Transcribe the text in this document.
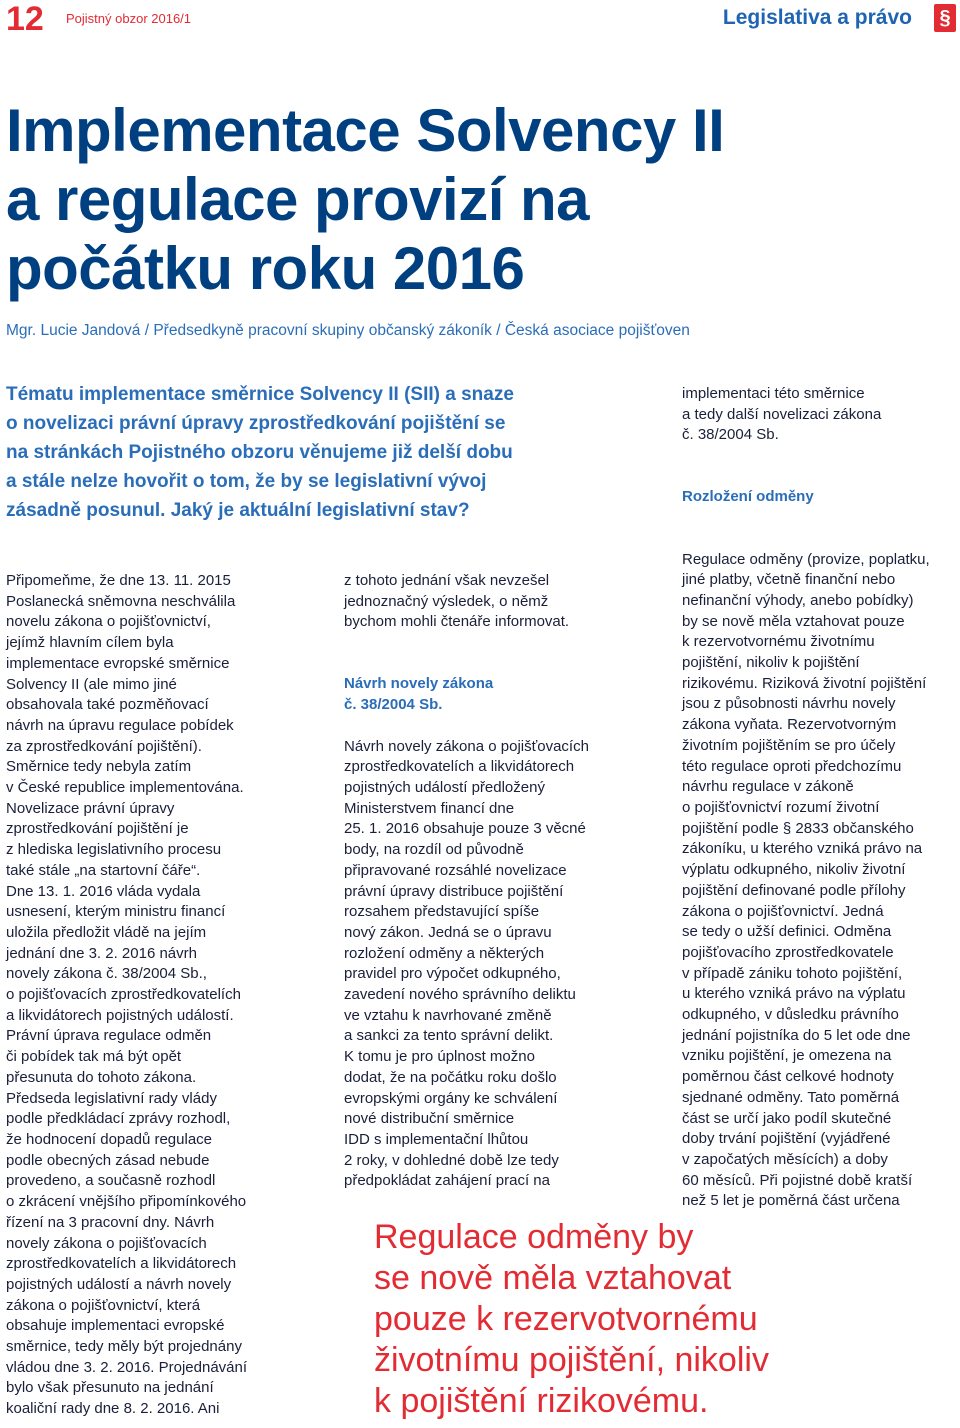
12 Pojistný obzor 2016/1	Legislativa a právo §
Implementace Solvency II
a regulace provizí na
počátku roku 2016
Mgr. Lucie Jandová / Předsedkyně pracovní skupiny občanský zákoník / Česká asociace pojišťoven
Tématu implementace směrnice Solvency II (SII) a snaze
o novelizaci právní úpravy zprostředkování pojištění se
na stránkách Pojistného obzoru věnujeme již delší dobu
a stále nelze hovořit o tom, že by se legislativní vývoj
zásadně posunul. Jaký je aktuální legislativní stav?
Připomeňme, že dne 13. 11. 2015
Poslanecká sněmovna neschválila
novelu zákona o pojišťovnictví,
jejímž hlavním cílem byla
implementace evropské směrnice
Solvency II (ale mimo jiné
obsahovala také pozměňovací
návrh na úpravu regulace pobídek
za zprostředkování pojištění).
Směrnice tedy nebyla zatím
v České republice implementována.
Novelizace právní úpravy
zprostředkování pojištění je
z hlediska legislativního procesu
také stále „na startovní čáře“.
Dne 13. 1. 2016 vláda vydala
usnesení, kterým ministru financí
uložila předložit vládě na jejím
jednání dne 3. 2. 2016 návrh
novely zákona č. 38/2004 Sb.,
o pojišťovacích zprostředkovatelích
a likvidátorech pojistných událostí.
Právní úprava regulace odměn
či pobídek tak má být opět
přesunuta do tohoto zákona.
Předseda legislativní rady vlády
podle předkládací zprávy rozhodl,
že hodnocení dopadů regulace
podle obecných zásad nebude
provedeno, a současně rozhodl
o zkrácení vnějšího připomínkového
řízení na 3 pracovní dny. Návrh
novely zákona o pojišťovacích
zprostředkovatelích a likvidátorech
pojistných událostí a návrh novely
zákona o pojišťovnictví, která
obsahuje implementaci evropské
směrnice, tedy měly být projednány
vládou dne 3. 2. 2016. Projednávání
bylo však přesunuto na jednání
koaliční rady dne 8. 2. 2016. Ani
z tohoto jednání však nevzešel
jednoznačný výsledek, o němž
bychom mohli čtenáře informovat.
Návrh novely zákona
č. 38/2004 Sb.
Návrh novely zákona o pojišťovacích
zprostředkovatelích a likvidátorech
pojistných událostí předložený
Ministerstvem financí dne
25. 1. 2016 obsahuje pouze 3 věcné
body, na rozdíl od původně
připravované rozsáhlé novelizace
právní úpravy distribuce pojištění
rozsahem představující spíše
nový zákon. Jedná se o úpravu
rozložení odměny a některých
pravidel pro výpočet odkupného,
zavedení nového správního deliktu
ve vztahu k navrhované změně
a sankci za tento správní delikt.
K tomu je pro úplnost možno
dodat, že na počátku roku došlo
evropskými orgány ke schválení
nové distribuční směrnice
IDD s implementační lhůtou
2 roky, v dohledné době lze tedy
předpokládat zahájení prací na
implementaci této směrnice
a tedy další novelizaci zákona
č. 38/2004 Sb.
Rozložení odměny
Regulace odměny (provize, poplatku,
jiné platby, včetně finanční nebo
nefinanční výhody, anebo pobídky)
by se nově měla vztahovat pouze
k rezervotvornému životnímu
pojištění, nikoliv k pojištění
rizikovému. Riziková životní pojištění
jsou z působnosti návrhu novely
zákona vyňata. Rezervotvorným
životním pojištěním se pro účely
této regulace oproti předchozímu
návrhu regulace v zákoně
o pojišťovnictví rozumí životní
pojištění podle § 2833 občanského
zákoníku, u kterého vzniká právo na
výplatu odkupného, nikoliv životní
pojištění definované podle přílohy
zákona o pojišťovnictví. Jedná
se tedy o užší definici. Odměna
pojišťovacího zprostředkovatele
v případě zániku tohoto pojištění,
u kterého vzniká právo na výplatu
odkupného, v důsledku právního
jednání pojistníka do 5 let ode dne
vzniku pojištění, je omezena na
poměrnou část celkové hodnoty
sjednané odměny. Tato poměrná
část se určí jako podíl skutečné
doby trvání pojištění (vyjádřené
v započatých měsících) a doby
60 měsíců. Při pojistné době kratší
než 5 let je poměrná část určena
Regulace odměny by
se nově měla vztahovat
pouze k rezervotvornému
životnímu pojištění, nikoliv
k pojištění rizikovému.
